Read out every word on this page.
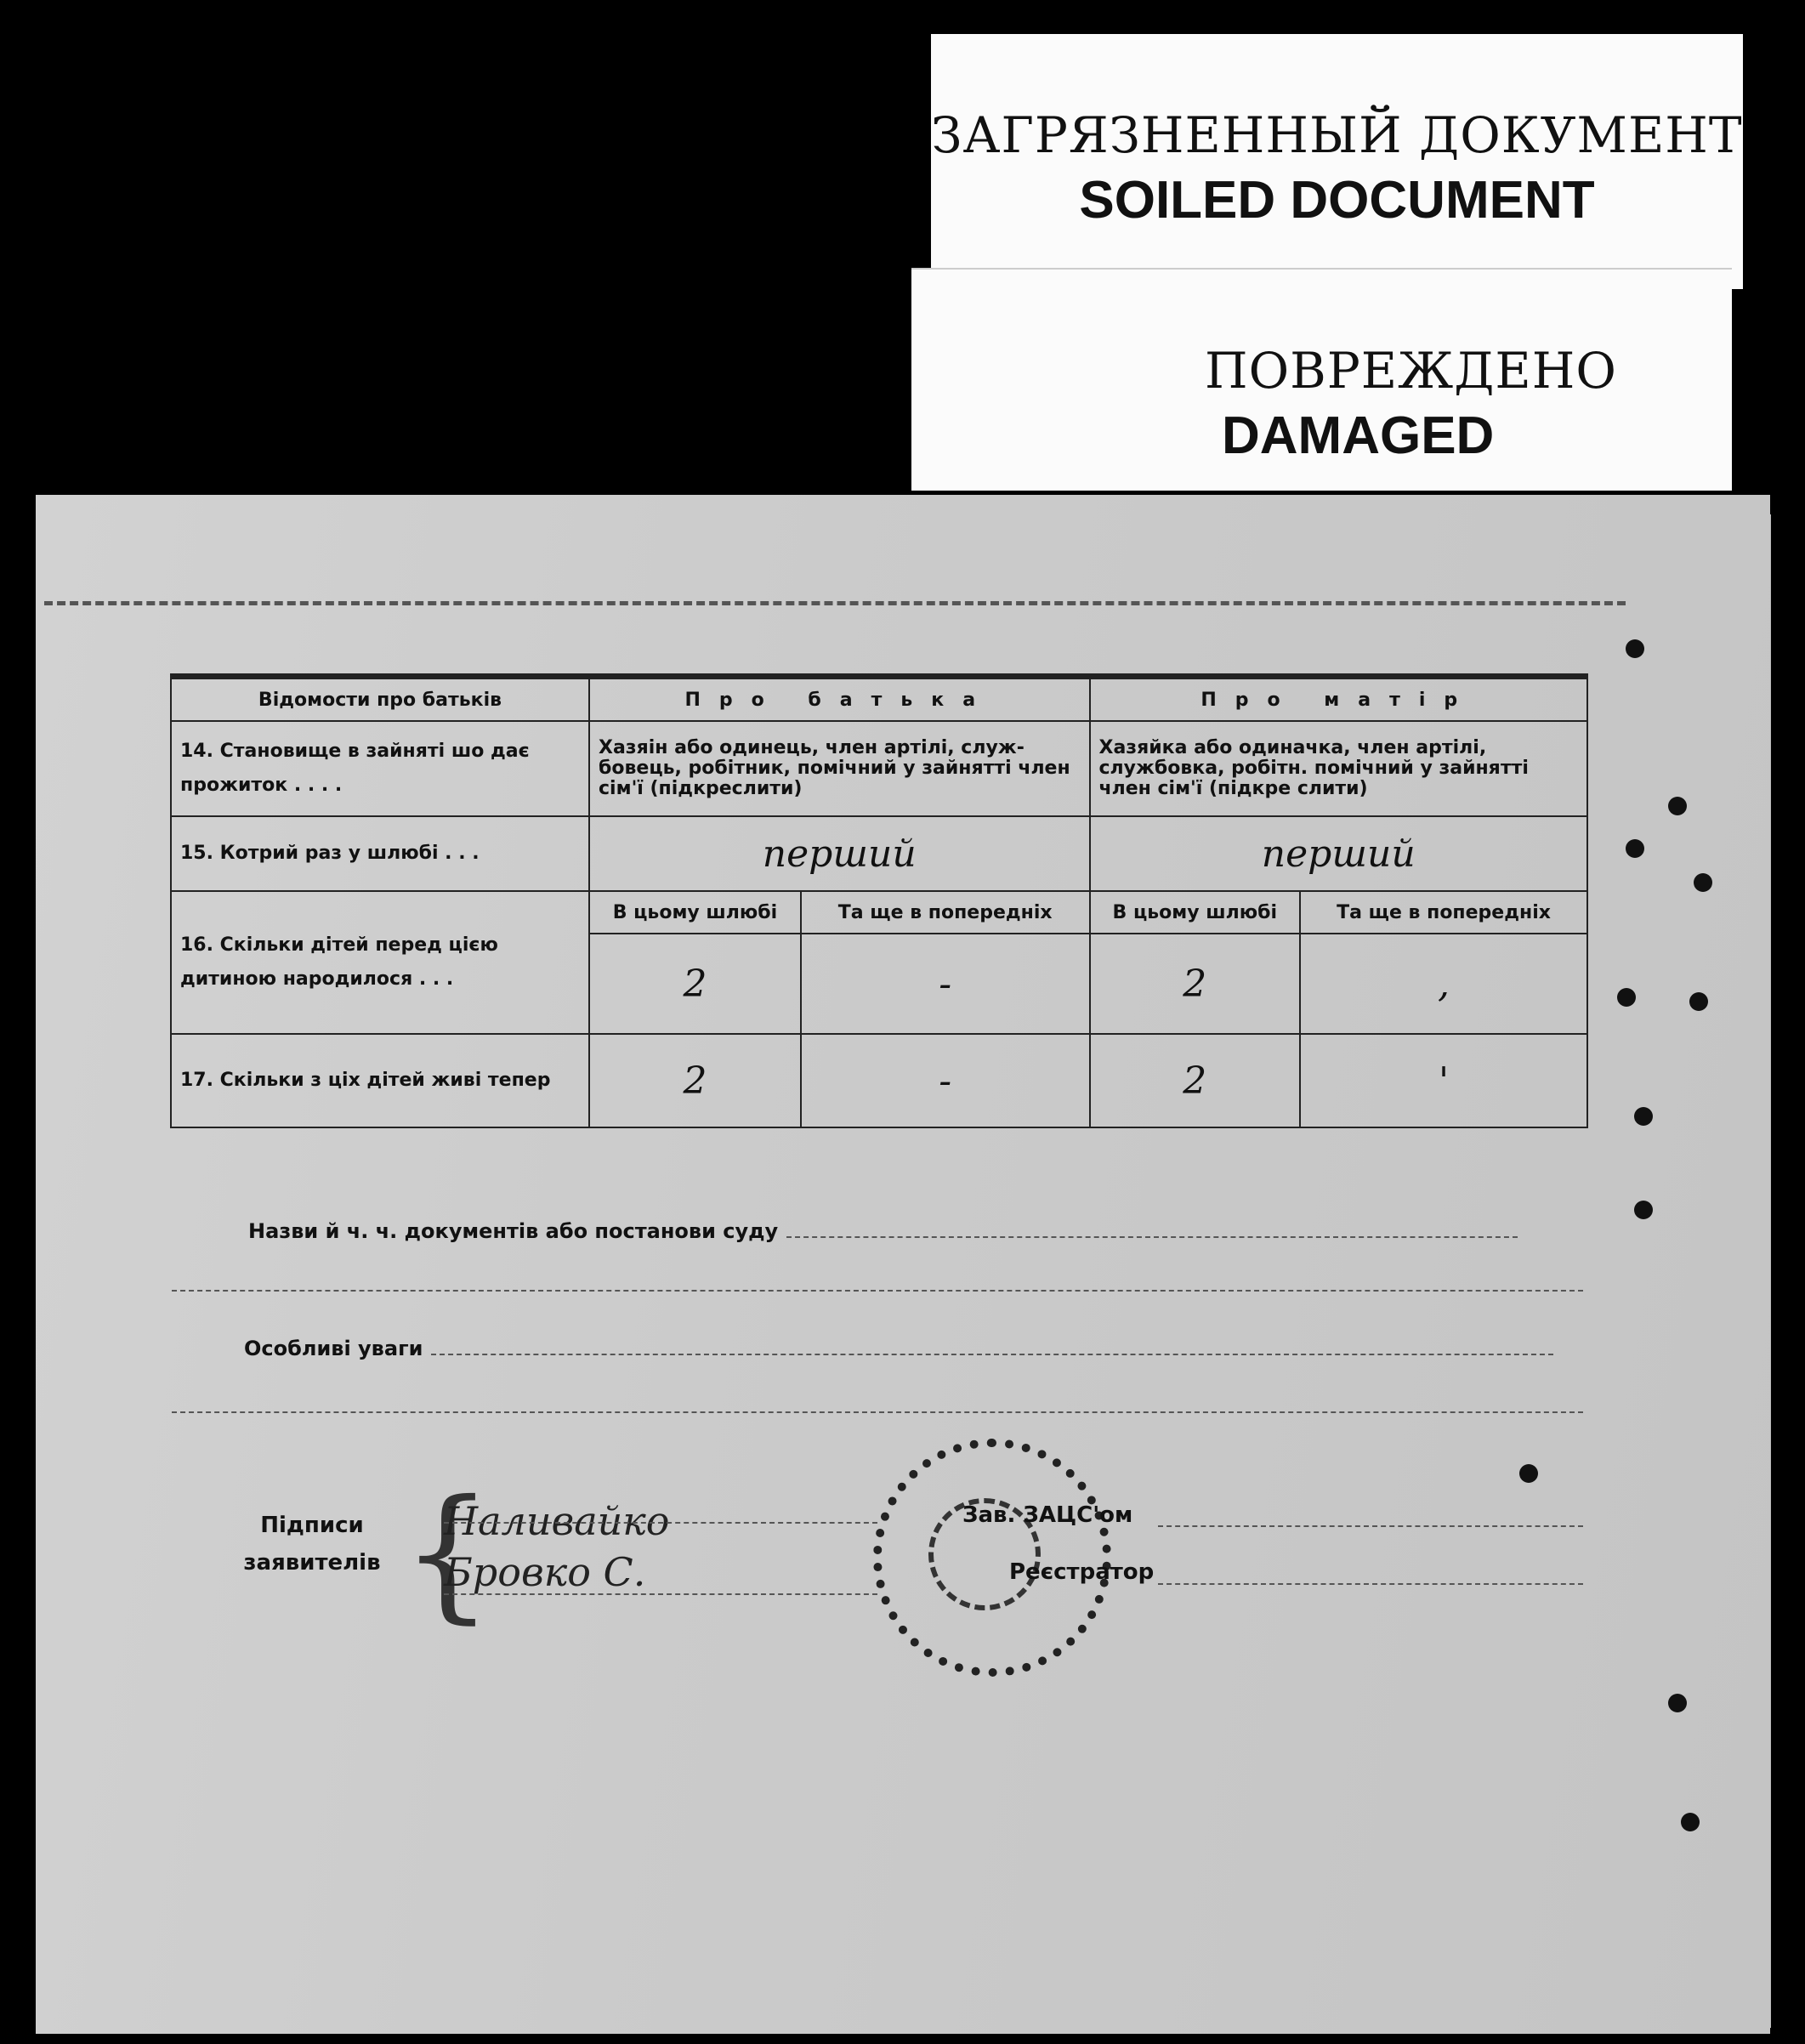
ЗАГРЯЗНЕННЫЙ ДОКУМЕНТ
SOILED DOCUMENT
ПОВРЕЖДЕНО
DAMAGED
Відомости про батьків	Про батька		Про матір	
14. Становище в зайняті шо дає прожиток . . . .	Хазяін або одинець, член артілі, служ-бовець, робітник, помічний у зайнятті член сім'ї (підкреслити)		Хазяйка або одиначка, член артілі, службовка, робітн. помічний у зайнятті член сім'ї (підкре слити)	
15. Котрий раз у шлюбі . . .	перший		перший	
16. Скільки дітей перед цією дитиною народилося . . .	В цьому шлюбі	Та ще в попередніх	В цьому шлюбі	Та ще в попередніх
	2	-	2	,
17. Скільки з ціх дітей живі тепер	2	-	2	'
Назви й ч. ч. документів або постанови суду
Особливі уваги
Підписи заявителів {
Наливайко
Бровко С.
Зав. ЗАЦС'ом
Реєстратор
